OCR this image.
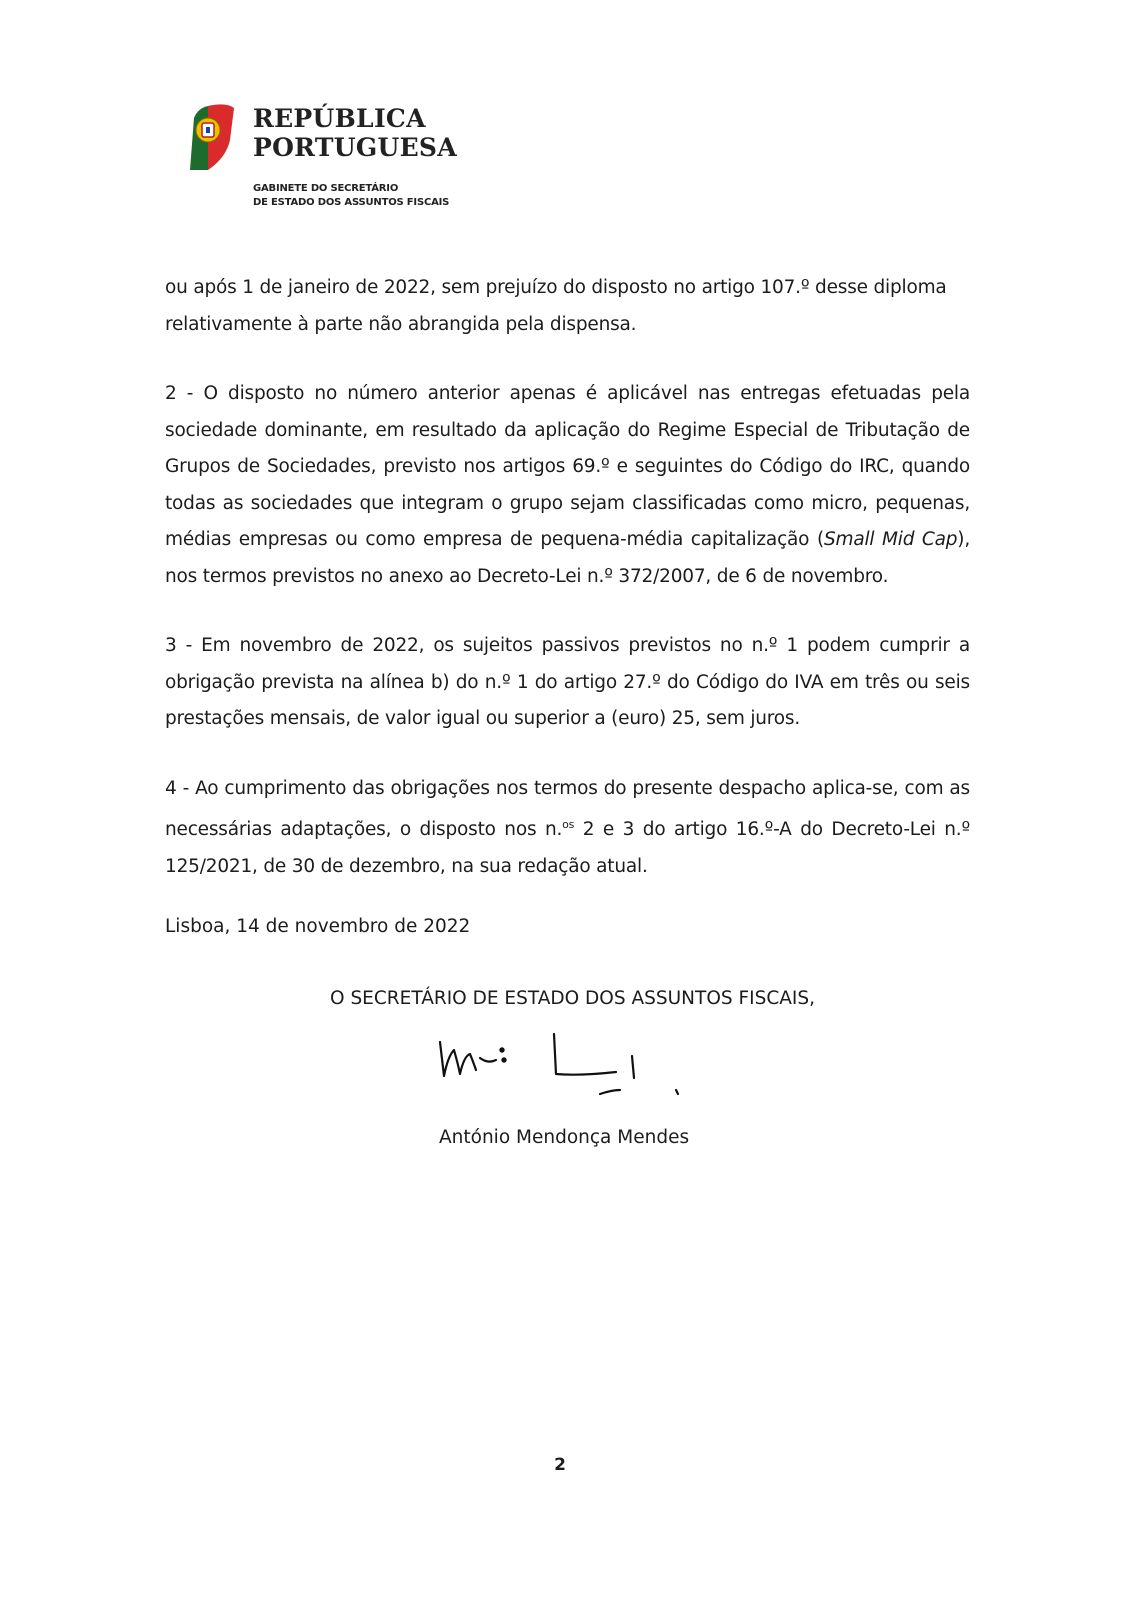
REPÚBLICA
PORTUGUESA
GABINETE DO SECRETÁRIO
DE ESTADO DOS ASSUNTOS FISCAIS

ou após 1 de janeiro de 2022, sem prejuízo do disposto no artigo 107.º desse diploma relativamente à parte não abrangida pela dispensa.

2 - O disposto no número anterior apenas é aplicável nas entregas efetuadas pela sociedade dominante, em resultado da aplicação do Regime Especial de Tributação de Grupos de Sociedades, previsto nos artigos 69.º e seguintes do Código do IRC, quando todas as sociedades que integram o grupo sejam classificadas como micro, pequenas, médias empresas ou como empresa de pequena-média capitalização (Small Mid Cap), nos termos previstos no anexo ao Decreto-Lei n.º 372/2007, de 6 de novembro.

3 - Em novembro de 2022, os sujeitos passivos previstos no n.º 1 podem cumprir a obrigação prevista na alínea b) do n.º 1 do artigo 27.º do Código do IVA em três ou seis prestações mensais, de valor igual ou superior a (euro) 25, sem juros.

4 - Ao cumprimento das obrigações nos termos do presente despacho aplica-se, com as necessárias adaptações, o disposto nos n.$^{os}$ 2 e 3 do artigo 16.º-A do Decreto-Lei n.º 125/2021, de 30 de dezembro, na sua redação atual.

Lisboa, 14 de novembro de 2022
O SECRETÁRIO DE ESTADO DOS ASSUNTOS FISCAIS,
António Mendonça Mendes
2
